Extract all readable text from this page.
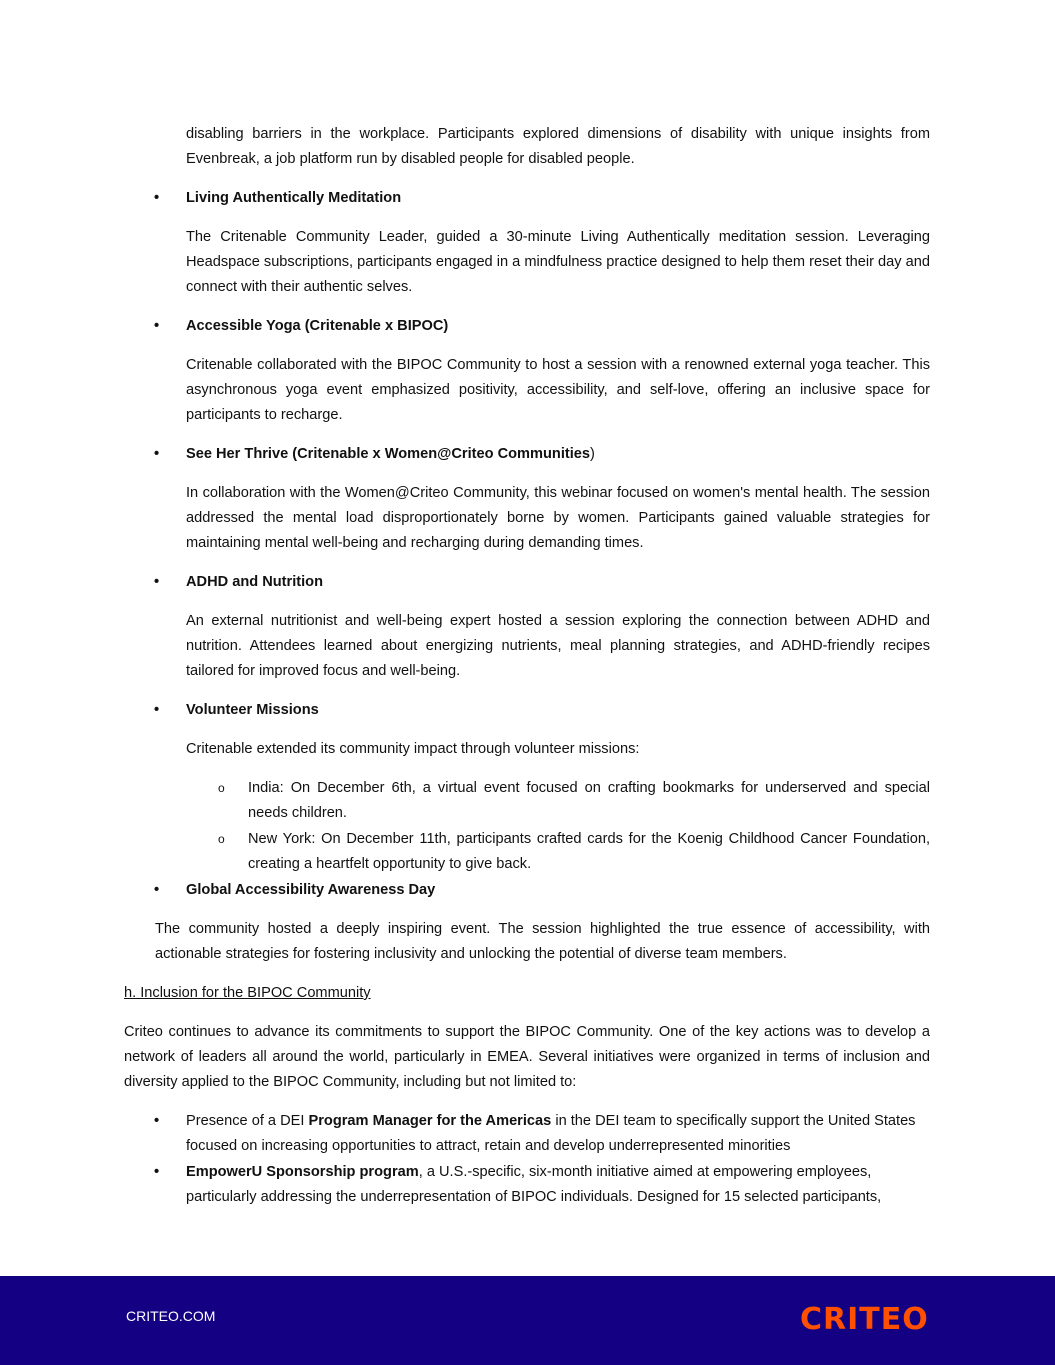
disabling barriers in the workplace. Participants explored dimensions of disability with unique insights from Evenbreak, a job platform run by disabled people for disabled people.

• Living Authentically Meditation

The Critenable Community Leader, guided a 30-minute Living Authentically meditation session. Leveraging Headspace subscriptions, participants engaged in a mindfulness practice designed to help them reset their day and connect with their authentic selves.

• Accessible Yoga (Critenable x BIPOC)

Critenable collaborated with the BIPOC Community to host a session with a renowned external yoga teacher. This asynchronous yoga event emphasized positivity, accessibility, and self-love, offering an inclusive space for participants to recharge.

• See Her Thrive (Critenable x Women@Criteo Communities)

In collaboration with the Women@Criteo Community, this webinar focused on women's mental health. The session addressed the mental load disproportionately borne by women. Participants gained valuable strategies for maintaining mental well-being and recharging during demanding times.

• ADHD and Nutrition

An external nutritionist and well-being expert hosted a session exploring the connection between ADHD and nutrition. Attendees learned about energizing nutrients, meal planning strategies, and ADHD-friendly recipes tailored for improved focus and well-being.

• Volunteer Missions

Critenable extended its community impact through volunteer missions:

o India: On December 6th, a virtual event focused on crafting bookmarks for underserved and special needs children.

o New York: On December 11th, participants crafted cards for the Koenig Childhood Cancer Foundation, creating a heartfelt opportunity to give back.

• Global Accessibility Awareness Day

The community hosted a deeply inspiring event. The session highlighted the true essence of accessibility, with actionable strategies for fostering inclusivity and unlocking the potential of diverse team members.

h. Inclusion for the BIPOC Community

Criteo continues to advance its commitments to support the BIPOC Community. One of the key actions was to develop a network of leaders all around the world, particularly in EMEA. Several initiatives were organized in terms of inclusion and diversity applied to the BIPOC Community, including but not limited to:

• Presence of a DEI Program Manager for the Americas in the DEI team to specifically support the United States focused on increasing opportunities to attract, retain and develop underrepresented minorities

• EmpowerU Sponsorship program, a U.S.-specific, six-month initiative aimed at empowering employees, particularly addressing the underrepresentation of BIPOC individuals. Designed for 15 selected participants,

CRITEO.COM	CRITEO
